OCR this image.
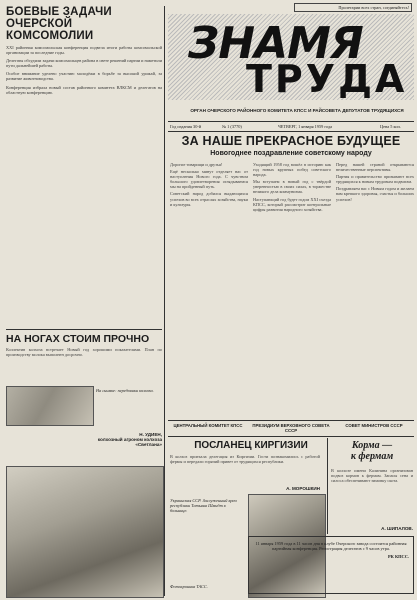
БОЕВЫЕ ЗАДАЧИ
ОЧЕРСКОЙ КОМСОМОЛИИ
XXI районная комсомольская конференция подвела итоги работы комсомольской организации за последние годы.
Делегаты обсудили задачи комсомольцев района в свете решений партии и наметили пути дальнейшей работы.
Особое внимание уделено участию молодёжи в борьбе за высокий урожай, за развитие животноводства.
Конференция избрала новый состав районного комитета ВЛКСМ и делегатов на областную конференцию.
Пролетарии всех стран, соединяйтесь!
ЗНАМЯ
ТРУДА
ОРГАН ОЧЕРСКОГО РАЙОННОГО КОМИТЕТА КПСС И РАЙСОВЕТА ДЕПУТАТОВ ТРУДЯЩИХСЯ
Год издания 30-й	№ 1 (3770)	ЧЕТВЕРГ, 1 января 1959 года	Цена 5 коп.
ЗА НАШЕ ПРЕКРАСНОЕ БУДУЩЕЕ
Новогоднее поздравление советскому народу
Дорогие товарищи и друзья!
Ещё несколько минут отделяет нас от наступления Нового года. С чувством большого удовлетворения оглядываемся мы на пройденный путь.
Советский народ добился выдающихся успехов во всех отраслях хозяйства, науки и культуры.
Уходящий 1958 год вошёл в историю как год новых крупных побед советского народа.
Мы вступаем в новый год с твёрдой уверенностью в своих силах, в торжестве великого дела коммунизма.
Наступающий год будет годом XXI съезда КПСС, который рассмотрит контрольные цифры развития народного хозяйства.
Перед нашей страной открываются величественные перспективы.
Партия и правительство призывают всех трудящихся к новым трудовым подвигам.
Поздравляем вас с Новым годом и желаем вам крепкого здоровья, счастья и больших успехов!
ЦЕНТРАЛЬНЫЙ КОМИТЕТ КПСС	ПРЕЗИДИУМ ВЕРХОВНОГО СОВЕТА СССР
СОВЕТ МИНИСТРОВ СССР
НА НОГАХ СТОИМ ПРОЧНО
Коллектив колхоза встречает Новый год хорошими показателями. План по производству молока выполнен досрочно.
На снимке: передовики колхоза.
Н. УДИЕН,
колхозный агроном колхоза «Светлана»	ПОСЛАНЕЦ КИРГИЗИИ
В колхоз приехала делегация из Киргизии. Гости познакомились с работой фермы и передали горячий привет от трудящихся республики.
А. МОРОШКИН
Украинская ССР. Заслуженный врач республики Татьяна Шмидт в больнице.
Фотохроника ТАСС.
Корма —
к фермам
В колхозе имени Калинина организован подвоз кормов к фермам. Запасы сена и силоса обеспечивают зимовку скота.
А. ШИПАЛОВ.
11 января 1959 года в 11 часов дня в клубе Очерского завода состоится районная партийная конференция. Регистрация делегатов с 9 часов утра.
РК КПСС.
